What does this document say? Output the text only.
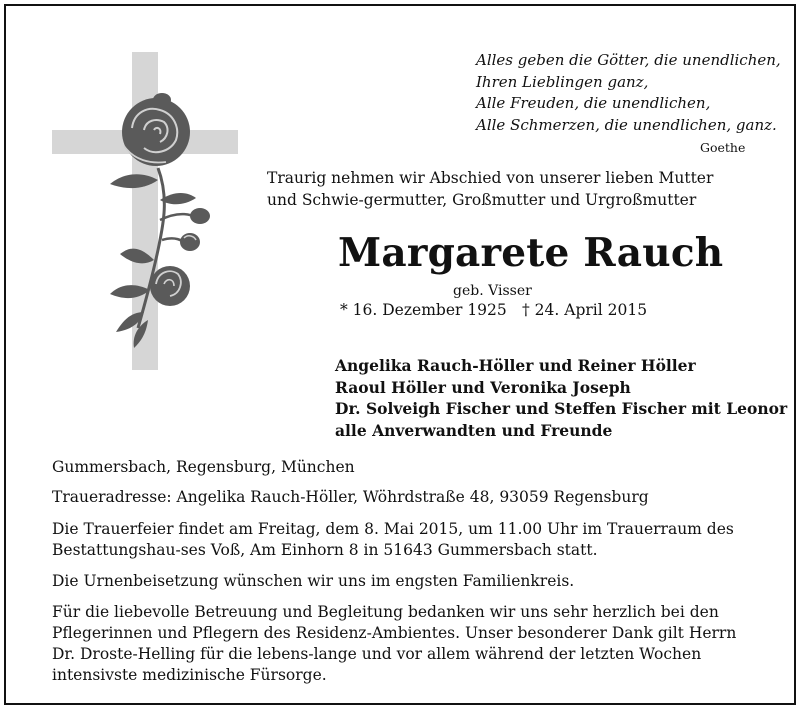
Alles geben die Götter, die unendlichen,
Ihren Lieblingen ganz,
Alle Freuden, die unendlichen,
Alle Schmerzen, die unendlichen, ganz.
Goethe
Traurig nehmen wir Abschied von unserer lieben Mutter und Schwie-germutter, Großmutter und Urgroßmutter
Margarete Rauch
geb. Visser
* 16. Dezember 1925 † 24. April 2015
Angelika Rauch-Höller und Reiner Höller
Raoul Höller und Veronika Joseph
Dr. Solveigh Fischer und Steffen Fischer mit Leonor
alle Anverwandten und Freunde
Gummersbach, Regensburg, München
Traueradresse: Angelika Rauch-Höller, Wöhrdstraße 48, 93059 Regensburg
Die Trauerfeier findet am Freitag, dem 8. Mai 2015, um 11.00 Uhr im Trauerraum des Bestattungshau-ses Voß, Am Einhorn 8 in 51643 Gummersbach statt.
Die Urnenbeisetzung wünschen wir uns im engsten Familienkreis.
Für die liebevolle Betreuung und Begleitung bedanken wir uns sehr herzlich bei den Pflegerinnen und Pflegern des Residenz-Ambientes. Unser besonderer Dank gilt Herrn Dr. Droste-Helling für die lebens-lange und vor allem während der letzten Wochen intensivste medizinische Fürsorge.
